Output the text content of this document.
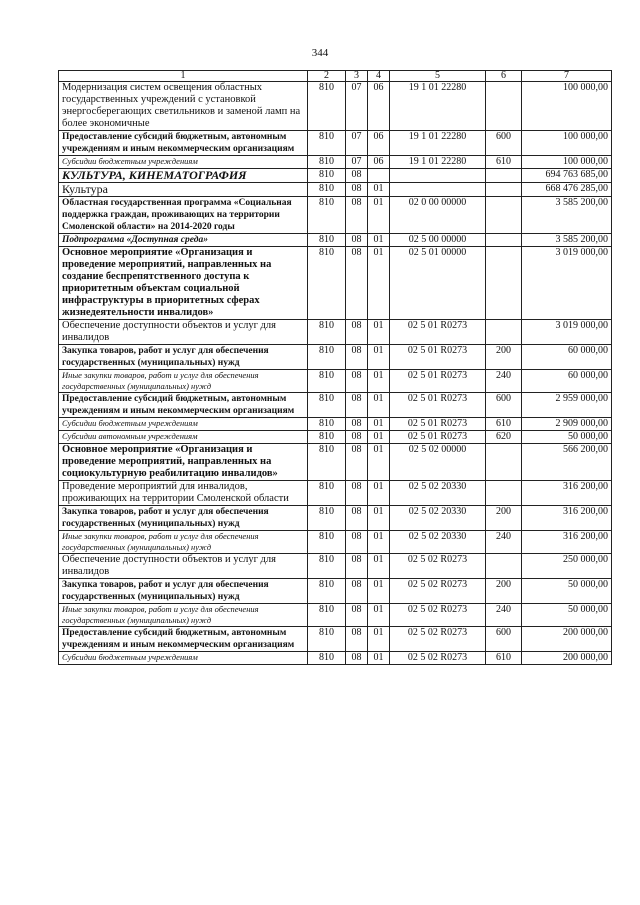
344
1	2	3	4	5	6	7
Модернизация систем освещения областных государственных учреждений с установкой энергосберегающих светильников и заменой ламп на более экономичные	810	07	06	19 1 01 22280		100 000,00
Предоставление субсидий бюджетным, автономным учреждениям и иным некоммерческим организациям	810	07	06	19 1 01 22280	600	100 000,00
Субсидии бюджетным учреждениям	810	07	06	19 1 01 22280	610	100 000,00
КУЛЬТУРА, КИНЕМАТОГРАФИЯ	810	08				694 763 685,00
Культура	810	08	01			668 476 285,00
Областная государственная программа «Социальная поддержка граждан, проживающих на территории Смоленской области» на 2014-2020 годы	810	08	01	02 0 00 00000		3 585 200,00
Подпрограмма «Доступная среда»	810	08	01	02 5 00 00000		3 585 200,00
Основное мероприятие «Организация и проведение мероприятий, направленных на создание беспрепятственного доступа к приоритетным объектам социальной инфраструктуры в приоритетных сферах жизнедеятельности инвалидов»	810	08	01	02 5 01 00000		3 019 000,00
Обеспечение доступности объектов и услуг для инвалидов	810	08	01	02 5 01 R0273		3 019 000,00
Закупка товаров, работ и услуг для обеспечения государственных (муниципальных) нужд	810	08	01	02 5 01 R0273	200	60 000,00
Иные закупки товаров, работ и услуг для обеспечения государственных (муниципальных) нужд	810	08	01	02 5 01 R0273	240	60 000,00
Предоставление субсидий бюджетным, автономным учреждениям и иным некоммерческим организациям	810	08	01	02 5 01 R0273	600	2 959 000,00
Субсидии бюджетным учреждениям	810	08	01	02 5 01 R0273	610	2 909 000,00
Субсидии автономным учреждениям	810	08	01	02 5 01 R0273	620	50 000,00
Основное мероприятие «Организация и проведение мероприятий, направленных на социокультурную реабилитацию инвалидов»	810	08	01	02 5 02 00000		566 200,00
Проведение мероприятий для инвалидов, проживающих на территории Смоленской области	810	08	01	02 5 02 20330		316 200,00
Закупка товаров, работ и услуг для обеспечения государственных (муниципальных) нужд	810	08	01	02 5 02 20330	200	316 200,00
Иные закупки товаров, работ и услуг для обеспечения государственных (муниципальных) нужд	810	08	01	02 5 02 20330	240	316 200,00
Обеспечение доступности объектов и услуг для инвалидов	810	08	01	02 5 02 R0273		250 000,00
Закупка товаров, работ и услуг для обеспечения государственных (муниципальных) нужд	810	08	01	02 5 02 R0273	200	50 000,00
Иные закупки товаров, работ и услуг для обеспечения государственных (муниципальных) нужд	810	08	01	02 5 02 R0273	240	50 000,00
Предоставление субсидий бюджетным, автономным учреждениям и иным некоммерческим организациям	810	08	01	02 5 02 R0273	600	200 000,00
Субсидии бюджетным учреждениям	810	08	01	02 5 02 R0273	610	200 000,00
